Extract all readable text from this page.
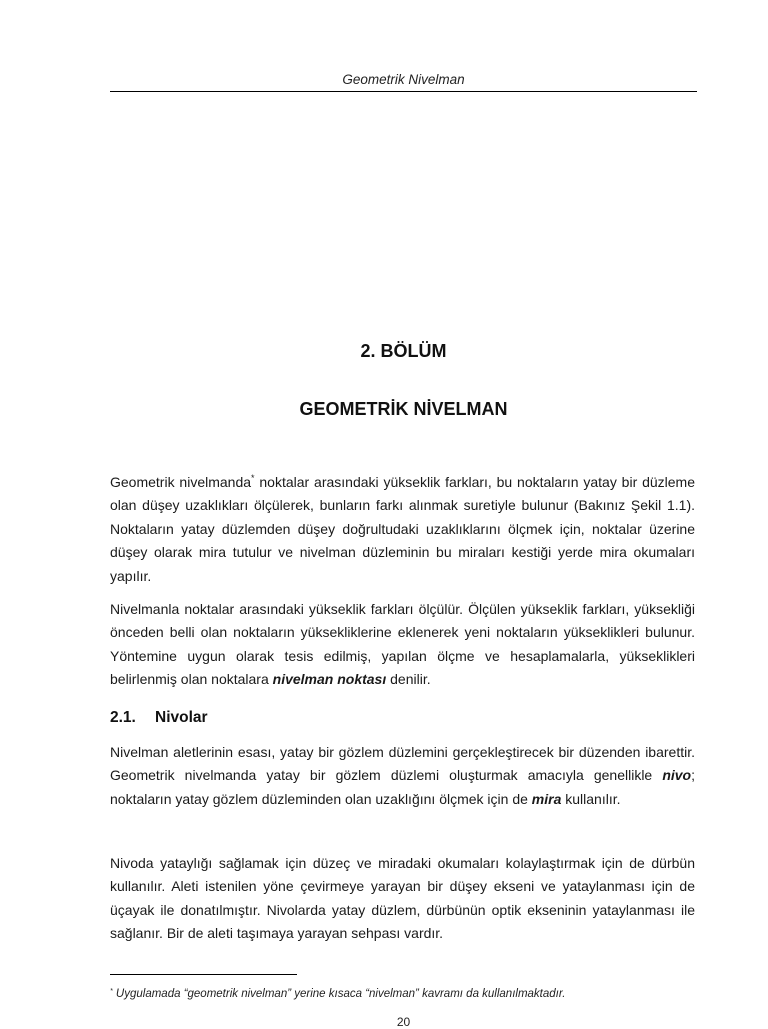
Geometrik Nivelman
2. BÖLÜM
GEOMETRİK NİVELMAN

Geometrik nivelmanda* noktalar arasındaki yükseklik farkları, bu noktaların yatay bir düzleme olan düşey uzaklıkları ölçülerek, bunların farkı alınmak suretiyle bulunur (Bakınız Şekil 1.1). Noktaların yatay düzlemden düşey doğrultudaki uzaklıklarını ölçmek için, noktalar üzerine düşey olarak mira tutulur ve nivelman düzleminin bu miraları kestiği yerde mira okumaları yapılır.

Nivelmanla noktalar arasındaki yükseklik farkları ölçülür. Ölçülen yükseklik farkları, yüksekliği önceden belli olan noktaların yüksekliklerine eklenerek yeni noktaların yükseklikleri bulunur. Yöntemine uygun olarak tesis edilmiş, yapılan ölçme ve hesaplamalarla, yükseklikleri belirlenmiş olan noktalara nivelman noktası denilir.

2.1. Nivolar

Nivelman aletlerinin esası, yatay bir gözlem düzlemini gerçekleştirecek bir düzenden ibarettir. Geometrik nivelmanda yatay bir gözlem düzlemi oluşturmak amacıyla genellikle nivo; noktaların yatay gözlem düzleminden olan uzaklığını ölçmek için de mira kullanılır.

Nivoda yataylığı sağlamak için düzeç ve miradaki okumaları kolaylaştırmak için de dürbün kullanılır. Aleti istenilen yöne çevirmeye yarayan bir düşey ekseni ve yataylanması için de üçayak ile donatılmıştır. Nivolarda yatay düzlem, dürbünün optik ekseninin yataylanması ile sağlanır. Bir de aleti taşımaya yarayan sehpası vardır.

* Uygulamada “geometrik nivelman” yerine kısaca “nivelman” kavramı da kullanılmaktadır.
20
